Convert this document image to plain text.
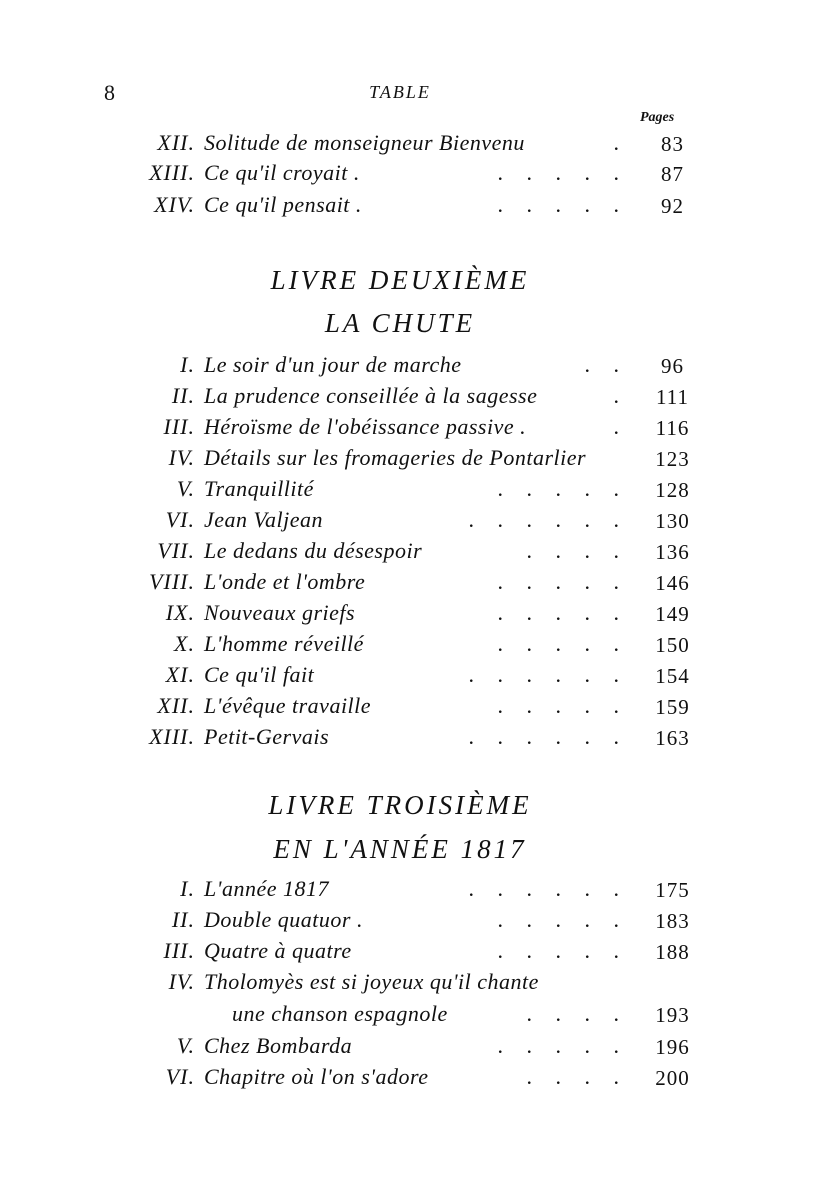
8	TABLE
Pages
XII. Solitude de monseigneur Bienvenu	.	83
XIII. Ce qu'il croyait .	. . . . .	87
XIV. Ce qu'il pensait .	. . . . .	92
LIVRE DEUXIÈME
LA CHUTE
I. Le soir d'un jour de marche	. .	96
II. La prudence conseillée à la sagesse	. 111
III. Héroïsme de l'obéissance passive .	. 116
IV. Détails sur les fromageries de Pontarlier	123
V. Tranquillité	. . . . . 128
VI. Jean Valjean	. . . . . . 130
VII. Le dedans du désespoir	. . . . 136
VIII. L'onde et l'ombre	. . . . . 146
IX. Nouveaux griefs	. . . . . 149
X. L'homme réveillé	. . . . . 150
XI. Ce qu'il fait	. . . . . . 154
XII. L'évêque travaille	. . . . . 159
XIII. Petit-Gervais	. . . . . . 163
LIVRE TROISIÈME
EN L'ANNÉE 1817
I. L'année 1817	. . . . . . 175
II. Double quatuor .	. . . . . 183
III. Quatre à quatre	. . . . . 188
IV. Tholomyès est si joyeux qu'il chante
une chanson espagnole	. . . . 193
V. Chez Bombarda	. . . . . 196
VI. Chapitre où l'on s'adore	. . . . 200
